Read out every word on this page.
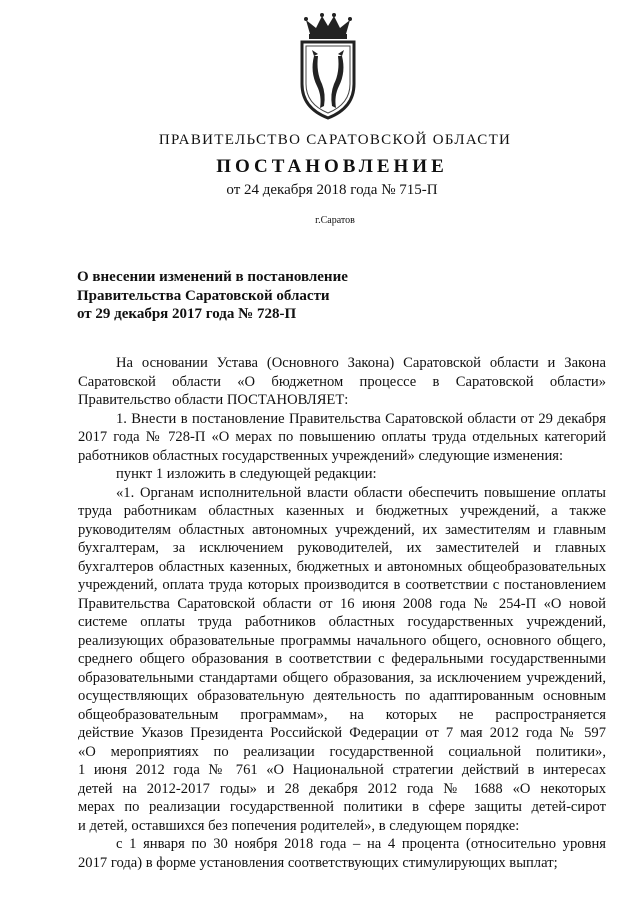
ПРАВИТЕЛЬСТВО САРАТОВСКОЙ ОБЛАСТИ
ПОСТАНОВЛЕНИЕ
от 24 декабря 2018 года № 715-П
г.Саратов
О внесении изменений в постановление
Правительства Саратовской области
от 29 декабря 2017 года № 728-П
На основании Устава (Основного Закона) Саратовской области и Закона
Саратовской области «О бюджетном процессе в Саратовской области»
Правительство области ПОСТАНОВЛЯЕТ:
1. Внести в постановление Правительства Саратовской области от 29 декабря
2017 года № 728-П «О мерах по повышению оплаты труда отдельных категорий
работников областных государственных учреждений» следующие изменения:
пункт 1 изложить в следующей редакции:
«1. Органам исполнительной власти области обеспечить повышение оплаты
труда работникам областных казенных и бюджетных учреждений, а также
руководителям областных автономных учреждений, их заместителям и главным
бухгалтерам, за исключением руководителей, их заместителей и главных
бухгалтеров областных казенных, бюджетных и автономных общеобразовательных
учреждений, оплата труда которых производится в соответствии с постановлением
Правительства Саратовской области от 16 июня 2008 года № 254-П «О новой
системе оплаты труда работников областных государственных учреждений,
реализующих образовательные программы начального общего, основного общего,
среднего общего образования в соответствии с федеральными государственными
образовательными стандартами общего образования, за исключением учреждений,
осуществляющих образовательную деятельность по адаптированным основным
общеобразовательным программам», на которых не распространяется
действие Указов Президента Российской Федерации от 7 мая 2012 года № 597
«О мероприятиях по реализации государственной социальной политики»,
1 июня 2012 года № 761 «О Национальной стратегии действий в интересах
детей на 2012-2017 годы» и 28 декабря 2012 года № 1688 «О некоторых
мерах по реализации государственной политики в сфере защиты детей-сирот
и детей, оставшихся без попечения родителей», в следующем порядке:
с 1 января по 30 ноября 2018 года – на 4 процента (относительно уровня
2017 года) в форме установления соответствующих стимулирующих выплат;
